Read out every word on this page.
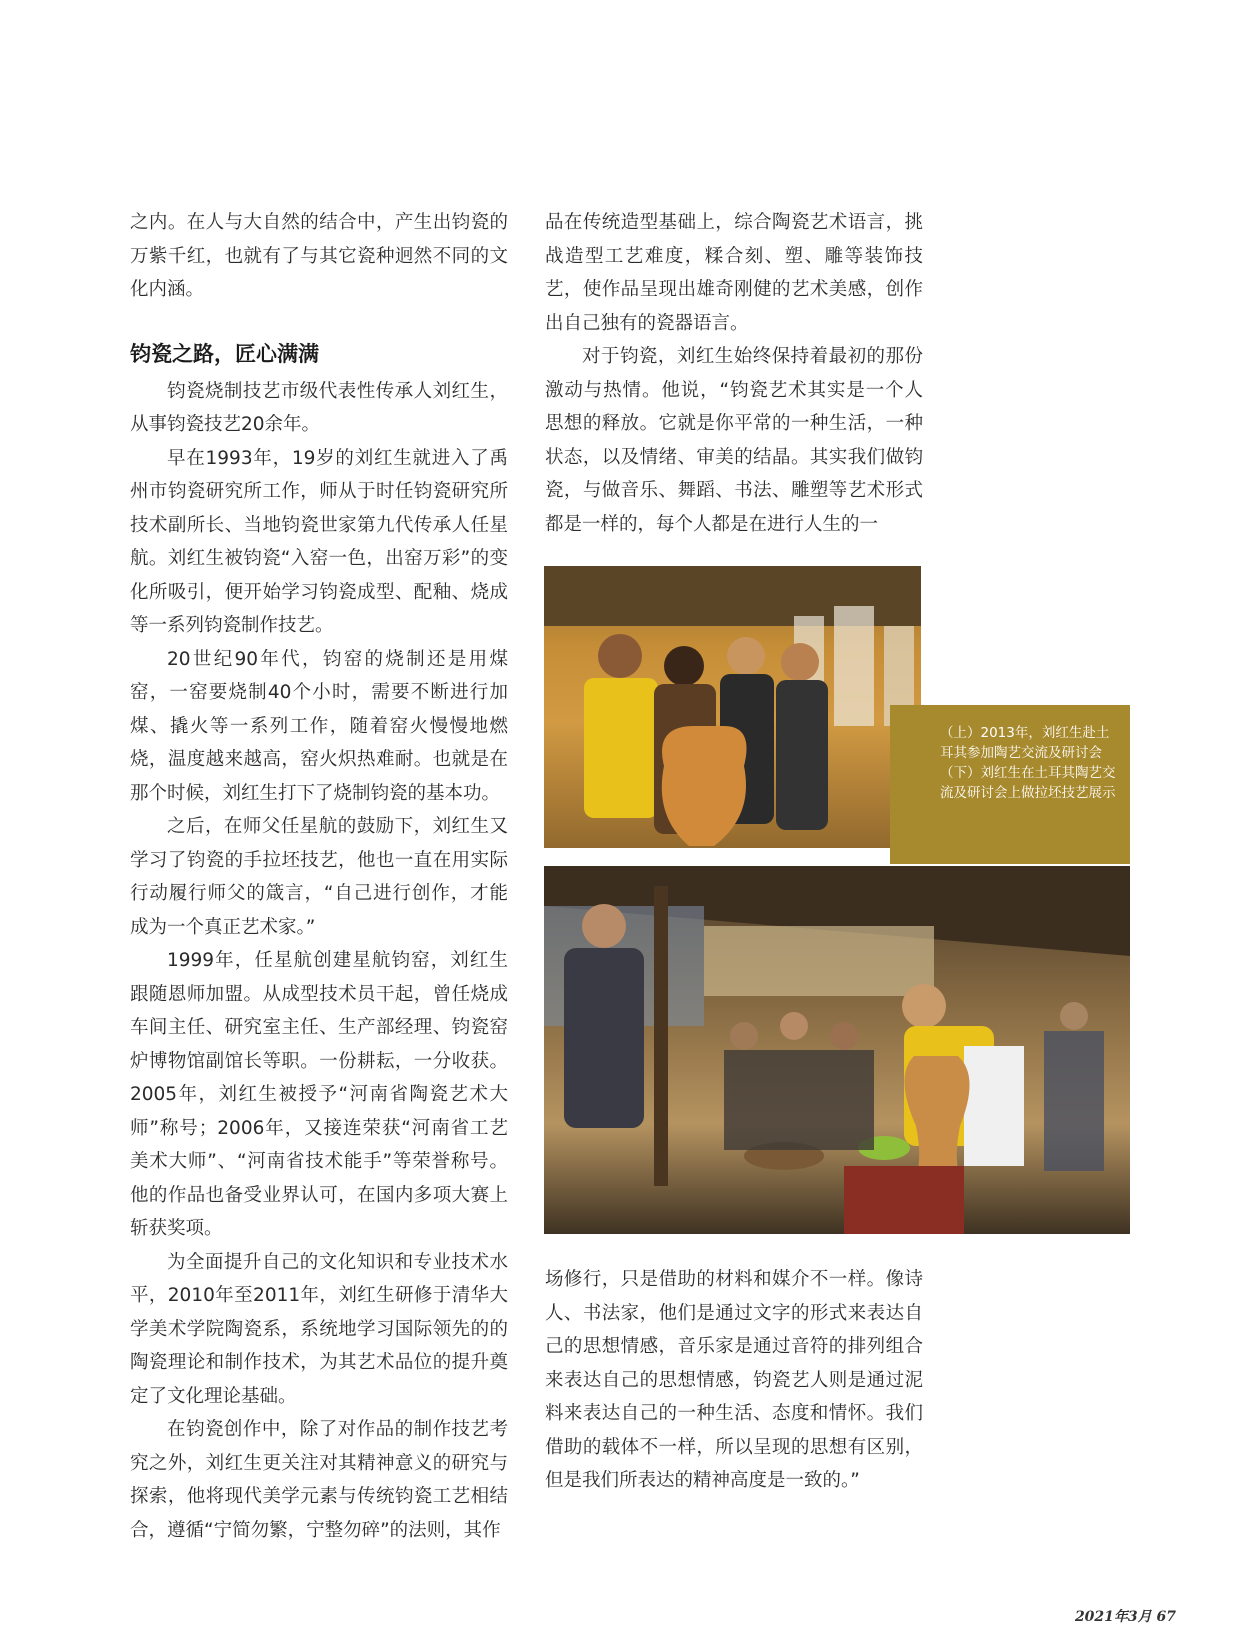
之内。在人与大自然的结合中，产生出钧瓷的万紫千红，也就有了与其它瓷种迥然不同的文化内涵。

钧瓷之路，匠心满满

钧瓷烧制技艺市级代表性传承人刘红生，从事钧瓷技艺20余年。

早在1993年，19岁的刘红生就进入了禹州市钧瓷研究所工作，师从于时任钧瓷研究所技术副所长、当地钧瓷世家第九代传承人任星航。刘红生被钧瓷“入窑一色，出窑万彩”的变化所吸引，便开始学习钧瓷成型、配釉、烧成等一系列钧瓷制作技艺。

20世纪90年代，钧窑的烧制还是用煤窑，一窑要烧制40个小时，需要不断进行加煤、撬火等一系列工作，随着窑火慢慢地燃烧，温度越来越高，窑火炽热难耐。也就是在那个时候，刘红生打下了烧制钧瓷的基本功。

之后，在师父任星航的鼓励下，刘红生又学习了钧瓷的手拉坯技艺，他也一直在用实际行动履行师父的箴言，“自己进行创作，才能成为一个真正艺术家。”

1999年，任星航创建星航钧窑，刘红生跟随恩师加盟。从成型技术员干起，曾任烧成车间主任、研究室主任、生产部经理、钧瓷窑炉博物馆副馆长等职。一份耕耘，一分收获。2005年，刘红生被授予“河南省陶瓷艺术大师”称号；2006年，又接连荣获“河南省工艺美术大师”、“河南省技术能手”等荣誉称号。他的作品也备受业界认可，在国内多项大赛上斩获奖项。

为全面提升自己的文化知识和专业技术水平，2010年至2011年，刘红生研修于清华大学美术学院陶瓷系，系统地学习国际领先的的陶瓷理论和制作技术，为其艺术品位的提升奠定了文化理论基础。

在钧瓷创作中，除了对作品的制作技艺考究之外，刘红生更关注对其精神意义的研究与探索，他将现代美学元素与传统钧瓷工艺相结合，遵循“宁简勿繁，宁整勿碎”的法则，其作

品在传统造型基础上，综合陶瓷艺术语言，挑战造型工艺难度，糅合刻、塑、雕等装饰技艺，使作品呈现出雄奇刚健的艺术美感，创作出自己独有的瓷器语言。

对于钧瓷，刘红生始终保持着最初的那份激动与热情。他说，“钧瓷艺术其实是一个人思想的释放。它就是你平常的一种生活，一种状态，以及情绪、审美的结晶。其实我们做钧瓷，与做音乐、舞蹈、书法、雕塑等艺术形式都是一样的，每个人都是在进行人生的一

（上）2013年，刘红生赴土耳其参加陶艺交流及研讨会
（下）刘红生在土耳其陶艺交流及研讨会上做拉坯技艺展示

场修行，只是借助的材料和媒介不一样。像诗人、书法家，他们是通过文字的形式来表达自己的思想情感，音乐家是通过音符的排列组合来表达自己的思想情感，钧瓷艺人则是通过泥料来表达自己的一种生活、态度和情怀。我们借助的载体不一样，所以呈现的思想有区别，但是我们所表达的精神高度是一致的。”

2021年3月 67
